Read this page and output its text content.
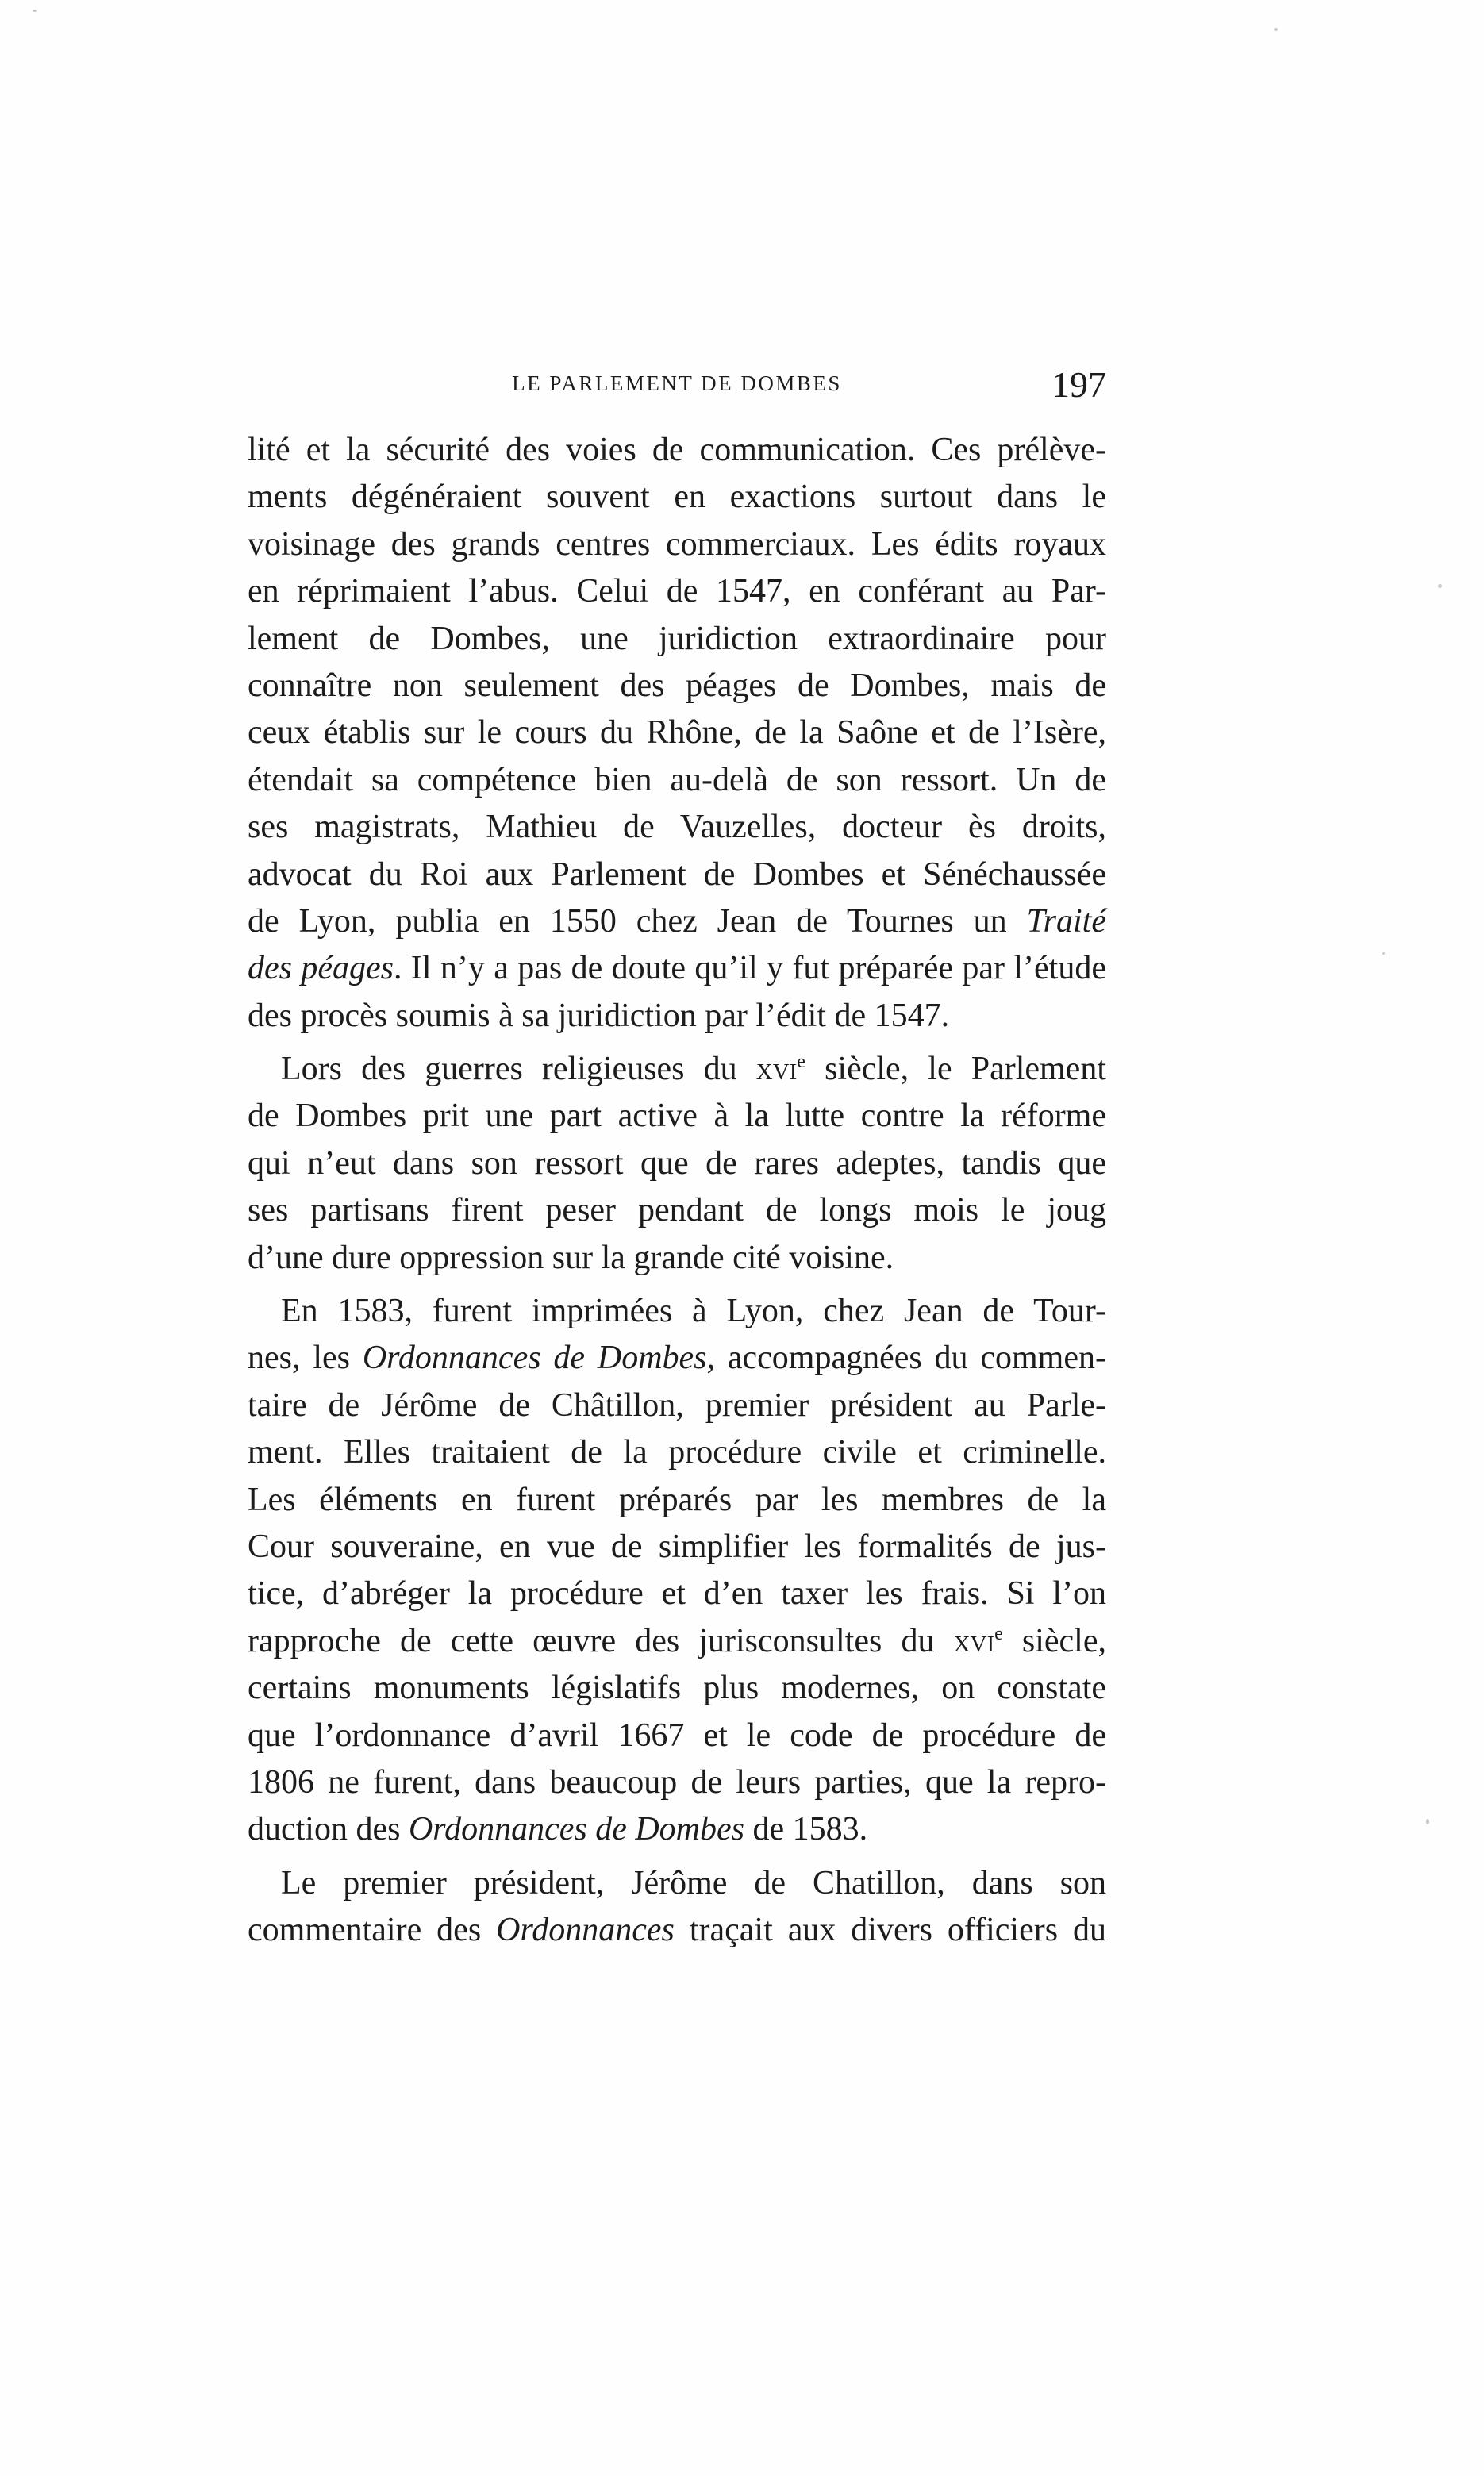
LE PARLEMENT DE DOMBES	197
lité et la sécurité des voies de communication. Ces prélève-
ments dégénéraient souvent en exactions surtout dans le
voisinage des grands centres commerciaux. Les édits royaux
en réprimaient l’abus. Celui de 1547, en conférant au Par-
lement de Dombes, une juridiction extraordinaire pour
connaître non seulement des péages de Dombes, mais de
ceux établis sur le cours du Rhône, de la Saône et de l’Isère,
étendait sa compétence bien au-delà de son ressort. Un de
ses magistrats, Mathieu de Vauzelles, docteur ès droits,
advocat du Roi aux Parlement de Dombes et Sénéchaussée
de Lyon, publia en 1550 chez Jean de Tournes un Traité
des péages. Il n’y a pas de doute qu’il y fut préparée par l’étude
des procès soumis à sa juridiction par l’édit de 1547.
Lors des guerres religieuses du xvi$^e$ siècle, le Parlement
de Dombes prit une part active à la lutte contre la réforme
qui n’eut dans son ressort que de rares adeptes, tandis que
ses partisans firent peser pendant de longs mois le joug
d’une dure oppression sur la grande cité voisine.
En 1583, furent imprimées à Lyon, chez Jean de Tour-
nes, les Ordonnances de Dombes, accompagnées du commen-
taire de Jérôme de Châtillon, premier président au Parle-
ment. Elles traitaient de la procédure civile et criminelle.
Les éléments en furent préparés par les membres de la
Cour souveraine, en vue de simplifier les formalités de jus-
tice, d’abréger la procédure et d’en taxer les frais. Si l’on
rapproche de cette œuvre des jurisconsultes du xvi$^e$ siècle,
certains monuments législatifs plus modernes, on constate
que l’ordonnance d’avril 1667 et le code de procédure de
1806 ne furent, dans beaucoup de leurs parties, que la repro-
duction des Ordonnances de Dombes de 1583.
Le premier président, Jérôme de Chatillon, dans son
commentaire des Ordonnances traçait aux divers officiers du
